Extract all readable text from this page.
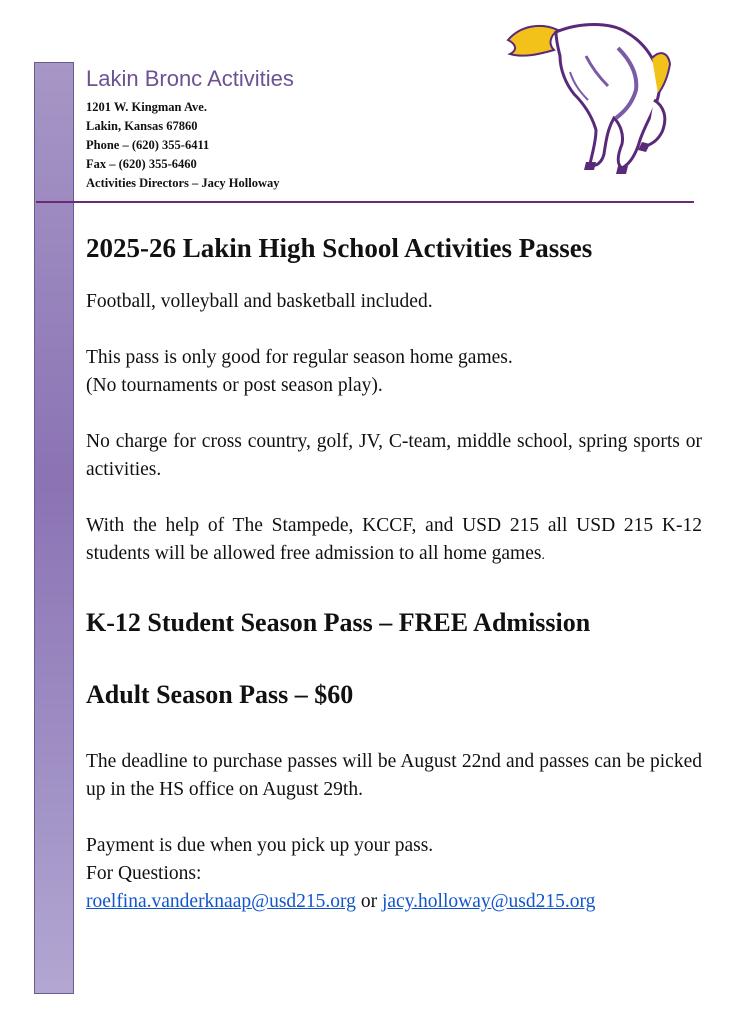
Lakin Bronc Activities
1201 W. Kingman Ave.
Lakin, Kansas 67860
Phone – (620) 355-6411
Fax – (620) 355-6460
Activities Directors – Jacy Holloway
2025-26 Lakin High School Activities Passes

Football, volleyball and basketball included.

This pass is only good for regular season home games.
(No tournaments or post season play).

No charge for cross country, golf, JV, C-team, middle school, spring sports or activities.

With the help of The Stampede, KCCF, and USD 215 all USD 215 K-12 students will be allowed free admission to all home games.

K-12 Student Season Pass – FREE Admission
Adult Season Pass – $60

The deadline to purchase passes will be August 22nd and passes can be picked up in the HS office on August 29th.

Payment is due when you pick up your pass.
For Questions:
roelfina.vanderknaap@usd215.org or jacy.holloway@usd215.org
